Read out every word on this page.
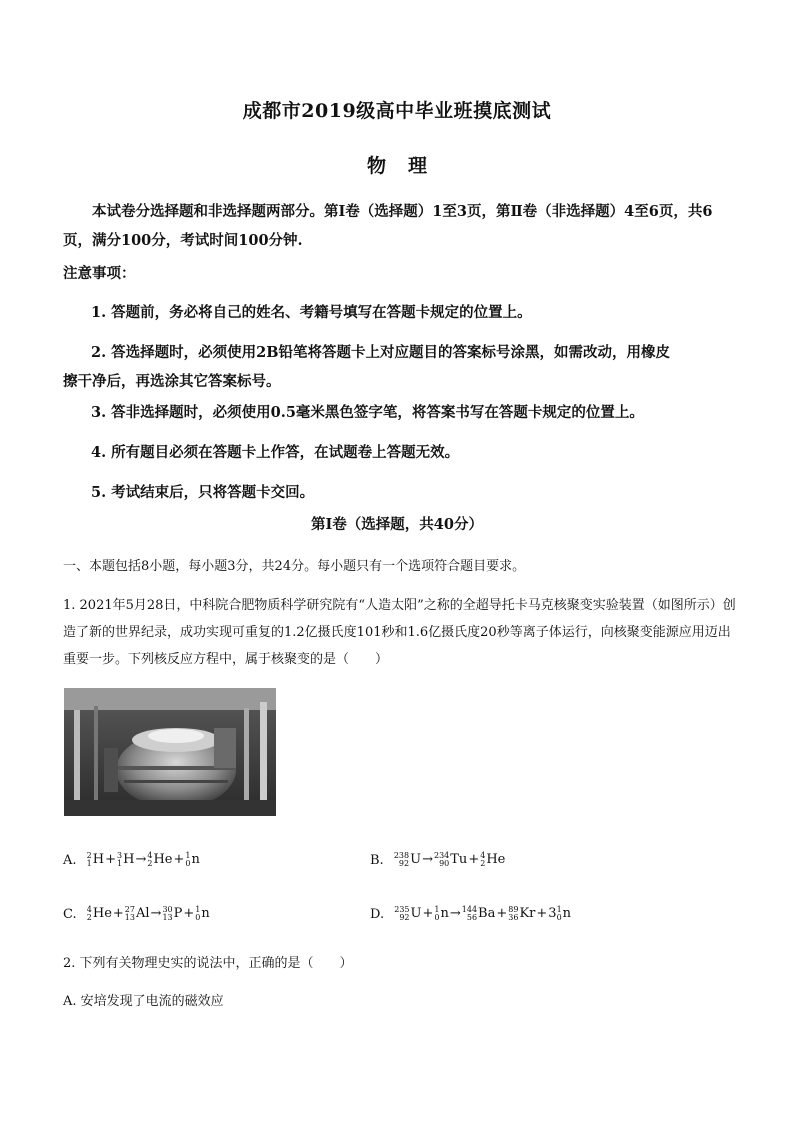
成都市2019级高中毕业班摸底测试
物理
本试卷分选择题和非选择题两部分。第Ⅰ卷（选择题）1至3页，第Ⅱ卷（非选择题）4至6页，共6页，满分100分，考试时间100分钟.
注意事项：
1. 答题前，务必将自己的姓名、考籍号填写在答题卡规定的位置上。
2. 答选择题时，必须使用2B铅笔将答题卡上对应题目的答案标号涂黑，如需改动，用橡皮
擦干净后，再选涂其它答案标号。
3. 答非选择题时，必须使用0.5毫米黑色签字笔，将答案书写在答题卡规定的位置上。
4. 所有题目必须在答题卡上作答，在试题卷上答题无效。
5. 考试结束后，只将答题卡交回。
第Ⅰ卷（选择题，共40分）
一、本题包括8小题，每小题3分，共24分。每小题只有一个选项符合题目要求。
1. 2021年5月28日，中科院合肥物质科学研究院有“人造太阳”之称的全超导托卡马克核聚变实验装置（如图所示）创造了新的世界纪录，成功实现可重复的1.2亿摄氏度101秒和1.6亿摄氏度20秒等离子体运行，向核聚变能源应用迈出重要一步。下列核反应方程中，属于核聚变的是（　　）
A. 2
1 H+ 3
1 H→ 4
2 He+ 1
0 n	B. 238
92 U→ 234
90 Tu+ 4
2 He
C. 4
2 He+ 27
13 Al→ 30
13 P+ 1
0 n	D. 235
92 U+ 1
0 n→ 144
56 Ba+ 89
36 Kr+3 1
0 n
2. 下列有关物理史实的说法中，正确的是（　　）
A. 安培发现了电流的磁效应
